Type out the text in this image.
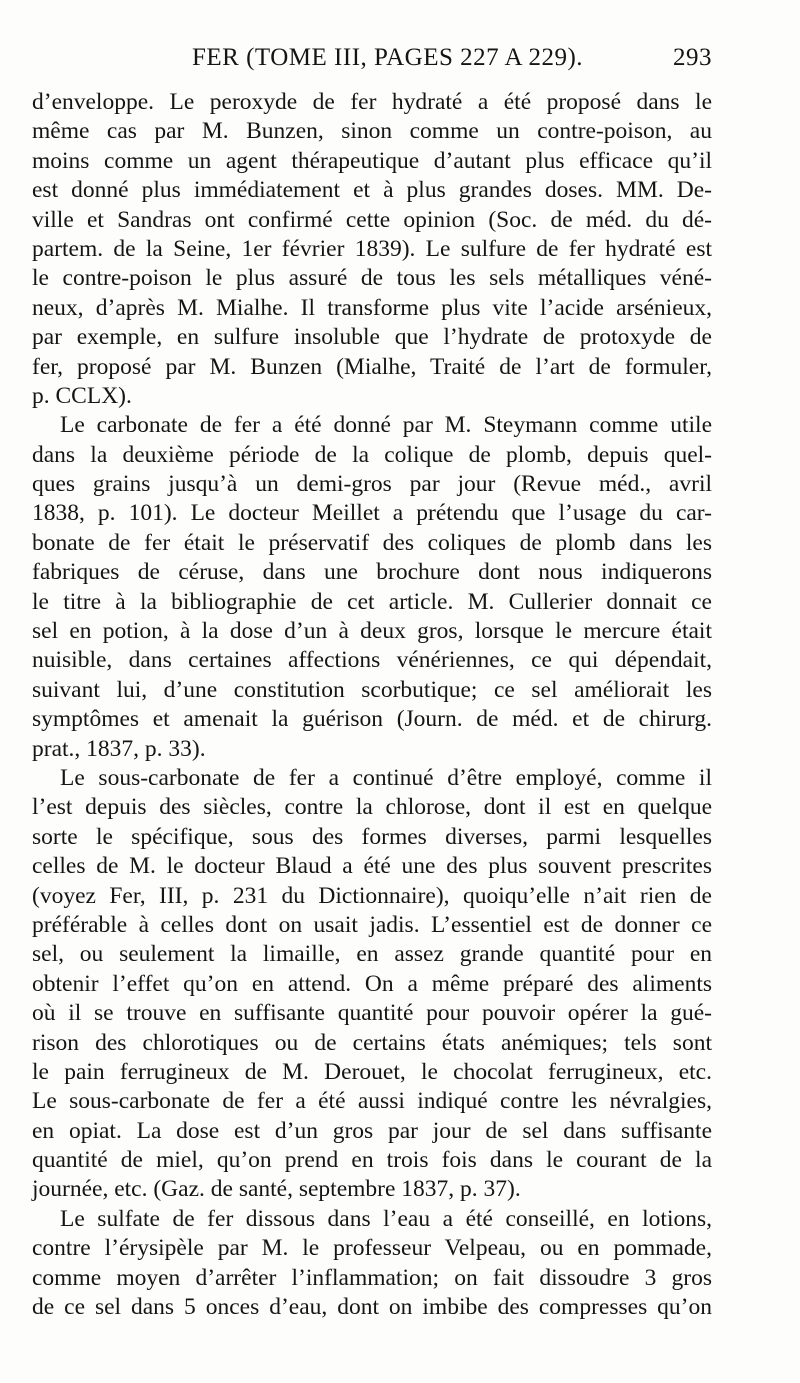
FER (TOME III, PAGES 227 A 229).	293
d’enveloppe. Le peroxyde de fer hydraté a été proposé dans le
même cas par M. Bunzen, sinon comme un contre-poison, au
moins comme un agent thérapeutique d’autant plus efficace qu’il
est donné plus immédiatement et à plus grandes doses. MM. De-
ville et Sandras ont confirmé cette opinion (Soc. de méd. du dé-
partem. de la Seine, 1er février 1839). Le sulfure de fer hydraté est
le contre-poison le plus assuré de tous les sels métalliques véné-
neux, d’après M. Mialhe. Il transforme plus vite l’acide arsénieux,
par exemple, en sulfure insoluble que l’hydrate de protoxyde de
fer, proposé par M. Bunzen (Mialhe, Traité de l’art de formuler,
p. CCLX).
Le carbonate de fer a été donné par M. Steymann comme utile
dans la deuxième période de la colique de plomb, depuis quel-
ques grains jusqu’à un demi-gros par jour (Revue méd., avril
1838, p. 101). Le docteur Meillet a prétendu que l’usage du car-
bonate de fer était le préservatif des coliques de plomb dans les
fabriques de céruse, dans une brochure dont nous indiquerons
le titre à la bibliographie de cet article. M. Cullerier donnait ce
sel en potion, à la dose d’un à deux gros, lorsque le mercure était
nuisible, dans certaines affections vénériennes, ce qui dépendait,
suivant lui, d’une constitution scorbutique; ce sel améliorait les
symptômes et amenait la guérison (Journ. de méd. et de chirurg.
prat., 1837, p. 33).
Le sous-carbonate de fer a continué d’être employé, comme il
l’est depuis des siècles, contre la chlorose, dont il est en quelque
sorte le spécifique, sous des formes diverses, parmi lesquelles
celles de M. le docteur Blaud a été une des plus souvent prescrites
(voyez Fer, III, p. 231 du Dictionnaire), quoiqu’elle n’ait rien de
préférable à celles dont on usait jadis. L’essentiel est de donner ce
sel, ou seulement la limaille, en assez grande quantité pour en
obtenir l’effet qu’on en attend. On a même préparé des aliments
où il se trouve en suffisante quantité pour pouvoir opérer la gué-
rison des chlorotiques ou de certains états anémiques; tels sont
le pain ferrugineux de M. Derouet, le chocolat ferrugineux, etc.
Le sous-carbonate de fer a été aussi indiqué contre les névralgies,
en opiat. La dose est d’un gros par jour de sel dans suffisante
quantité de miel, qu’on prend en trois fois dans le courant de la
journée, etc. (Gaz. de santé, septembre 1837, p. 37).
Le sulfate de fer dissous dans l’eau a été conseillé, en lotions,
contre l’érysipèle par M. le professeur Velpeau, ou en pommade,
comme moyen d’arrêter l’inflammation; on fait dissoudre 3 gros
de ce sel dans 5 onces d’eau, dont on imbibe des compresses qu’on
